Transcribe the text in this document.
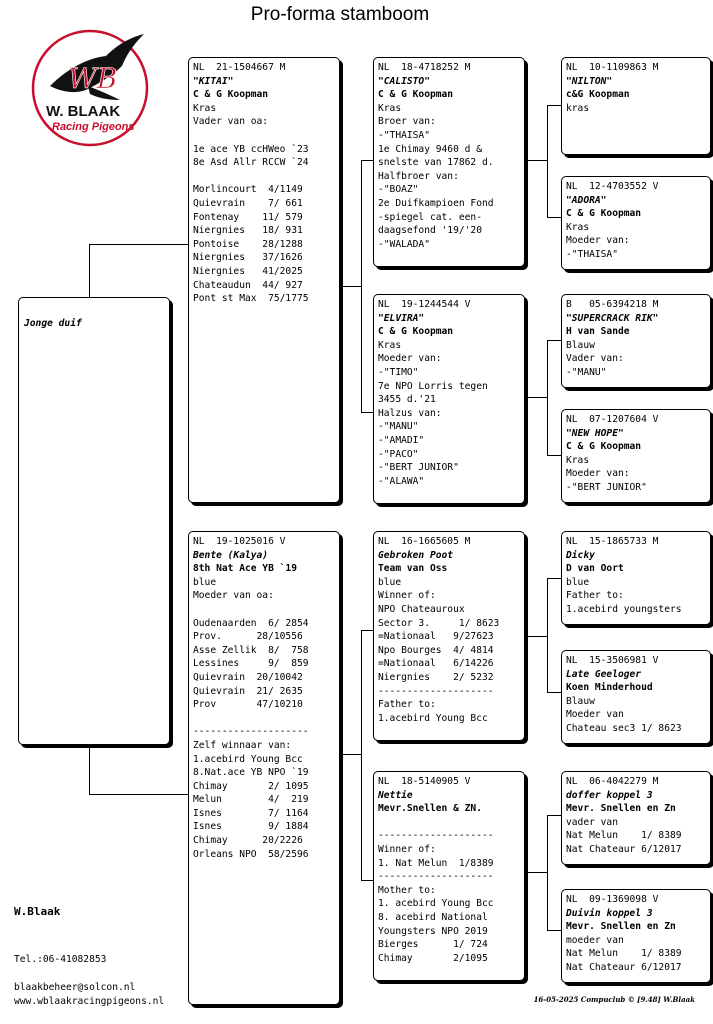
Pro-forma stamboom
WB
W. BLAAK
Racing Pigeons
Jonge duif
NL  21-1504667 M
"KITAI"
C & G Koopman
Kras
Vader van oa:
1e ace YB ccHWeo `23
8e Asd Allr RCCW `24
Morlincourt  4/1149
Quievrain    7/ 661
Fontenay    11/ 579
Niergnies   18/ 931
Pontoise    28/1288
Niergnies   37/1626
Niergnies   41/2025
Chateaudun  44/ 927
Pont st Max  75/1775
NL  19-1025016 V
Bente (Kalya)
8th Nat Ace YB `19
blue
Moeder van oa:
Oudenaarden  6/ 2854
Prov.      28/10556
Asse Zellik  8/  758
Lessines     9/  859
Quievrain  20/10042
Quievrain  21/ 2635
Prov       47/10210
--------------------
Zelf winnaar van:
1.acebird Young Bcc
8.Nat.ace YB NPO `19
Chimay       2/ 1095
Melun        4/  219
Isnes        7/ 1164
Isnes        9/ 1884
Chimay      20/2226
Orleans NPO  58/2596
NL  18-4718252 M
"CALISTO"
C & G Koopman
Kras
Broer van:
-"THAISA"
1e Chimay 9460 d &
snelste van 17862 d.
Halfbroer van:
-"BOAZ"
2e Duifkampioen Fond
-spiegel cat. een-
daagsefond '19/'20
-"WALADA"
NL  19-1244544 V
"ELVIRA"
C & G Koopman
Kras
Moeder van:
-"TIMO"
7e NPO Lorris tegen
3455 d.'21
Halzus van:
-"MANU"
-"AMADI"
-"PACO"
-"BERT JUNIOR"
-"ALAWA"
NL  16-1665605 M
Gebroken Poot
Team van Oss
blue
Winner of:
NPO Chateauroux
Sector 3.     1/ 8623
=Nationaal   9/27623
Npo Bourges  4/ 4814
=Nationaal   6/14226
Niergnies    2/ 5232
--------------------
Father to:
1.acebird Young Bcc
NL  18-5140905 V
Nettie
Mevr.Snellen & ZN.
--------------------
Winner of:
1. Nat Melun  1/8389
--------------------
Mother to:
1. acebird Young Bcc
8. acebird National
Youngsters NPO 2019
Bierges      1/ 724
Chimay       2/1095
NL  10-1109863 M
"NILTON"
c&G Koopman
kras
NL  12-4703552 V
"ADORA"
C & G Koopman
Kras
Moeder van:
-"THAISA"
B   05-6394218 M
"SUPERCRACK RIK"
H van Sande
Blauw
Vader van:
-"MANU"
NL  07-1207604 V
"NEW HOPE"
C & G Koopman
Kras
Moeder van:
-"BERT JUNIOR"
NL  15-1865733 M
Dicky
D van Oort
blue
Father to:
1.acebird youngsters
NL  15-3506981 V
Late Geeloger
Koen Minderhoud
Blauw
Moeder van
Chateau sec3 1/ 8623
NL  06-4042279 M
doffer koppel 3
Mevr. Snellen en Zn
vader van
Nat Melun    1/ 8389
Nat Chateaur 6/12017
NL  09-1369098 V
Duivin koppel 3
Mevr. Snellen en Zn
moeder van
Nat Melun    1/ 8389
Nat Chateaur 6/12017
W.Blaak
Tel.:06-41082853
blaakbeheer@solcon.nl
www.wblaakracingpigeons.nl	16-05-2025 Compuclub © [9.48] W.Blaak
